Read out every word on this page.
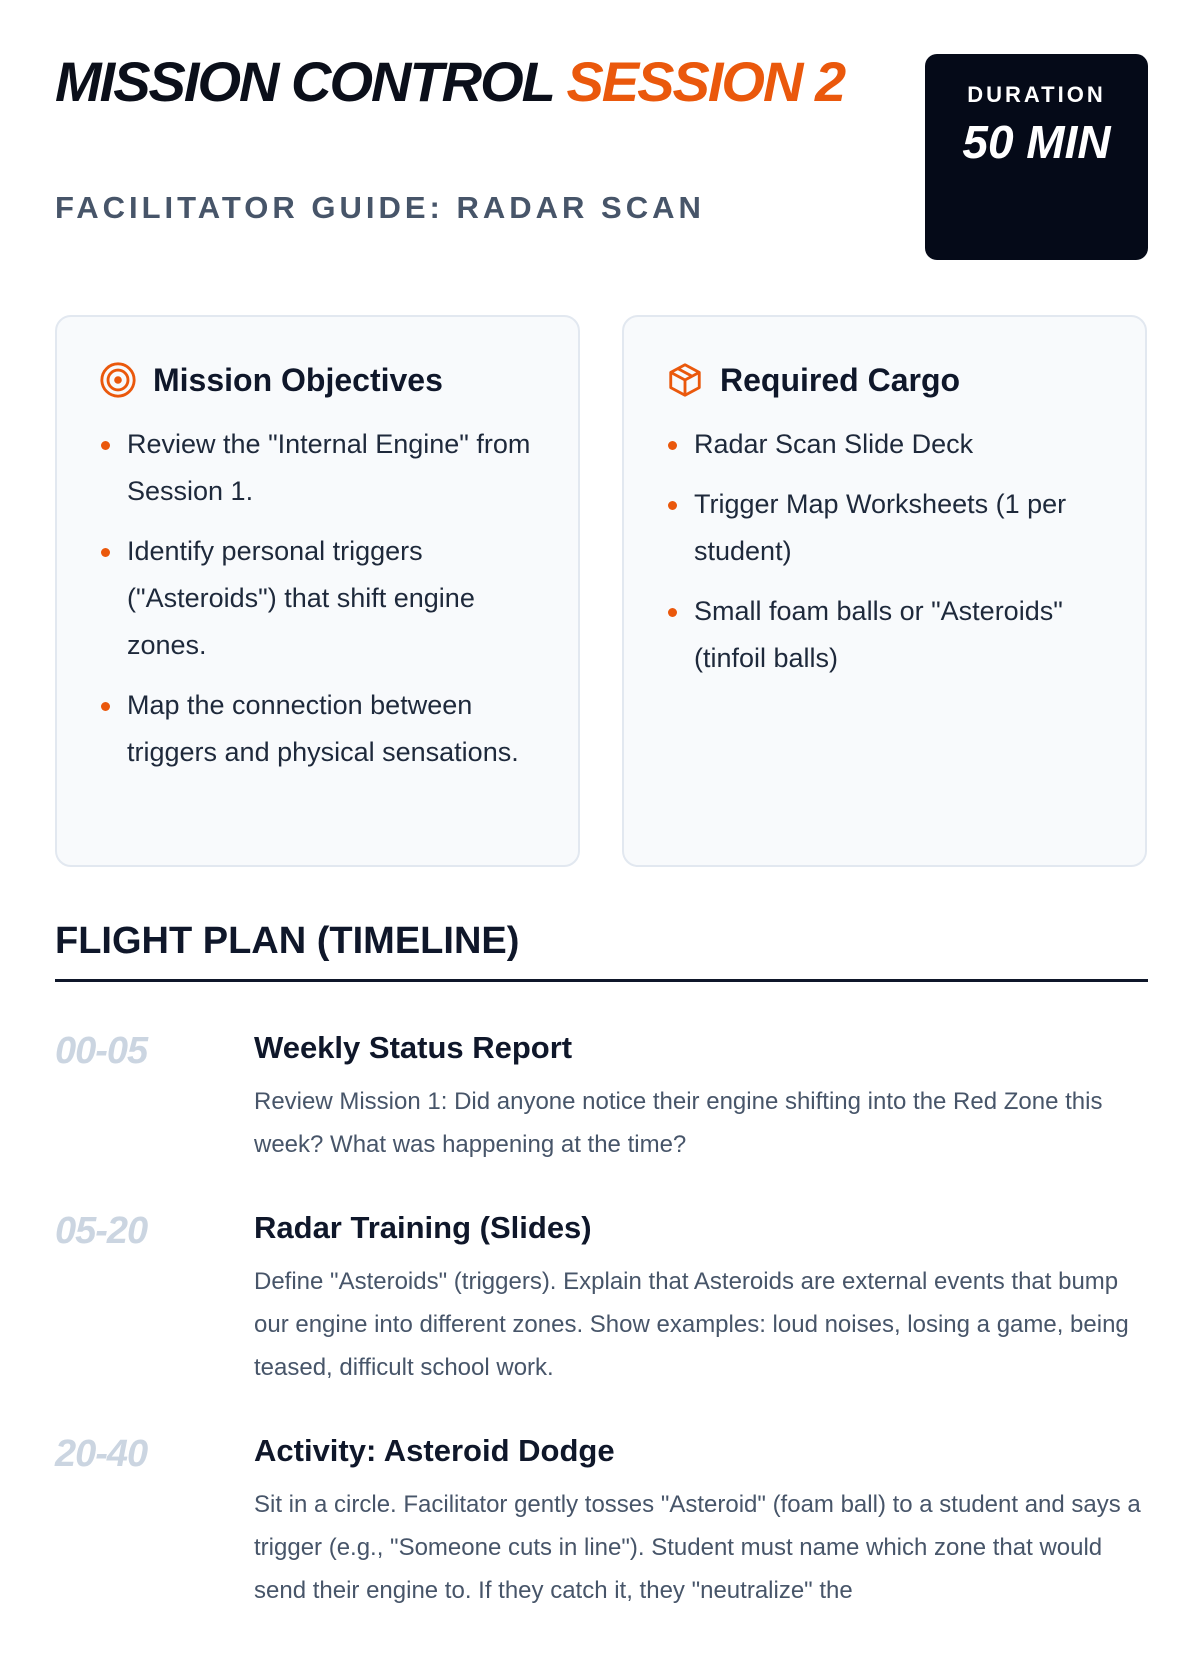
MISSION CONTROL SESSION 2

FACILITATOR GUIDE: RADAR SCAN

DURATION
50 MIN
Mission Objectives
Review the "Internal Engine" from Session 1.
Identify personal triggers ("Asteroids") that shift engine zones.
Map the connection between triggers and physical sensations.
Required Cargo
Radar Scan Slide Deck
Trigger Map Worksheets (1 per student)
Small foam balls or "Asteroids" (tinfoil balls)
FLIGHT PLAN (TIMELINE)
00-05	Weekly Status Report

Review Mission 1: Did anyone notice their engine shifting into the Red Zone this week? What was happening at the time?

05-20	Radar Training (Slides)

Define "Asteroids" (triggers). Explain that Asteroids are external events that bump our engine into different zones. Show examples: loud noises, losing a game, being teased, difficult school work.

20-40	Activity: Asteroid Dodge

Sit in a circle. Facilitator gently tosses "Asteroid" (foam ball) to a student and says a trigger (e.g., "Someone cuts in line"). Student must name which zone that would send their engine to. If they catch it, they "neutralize" the
